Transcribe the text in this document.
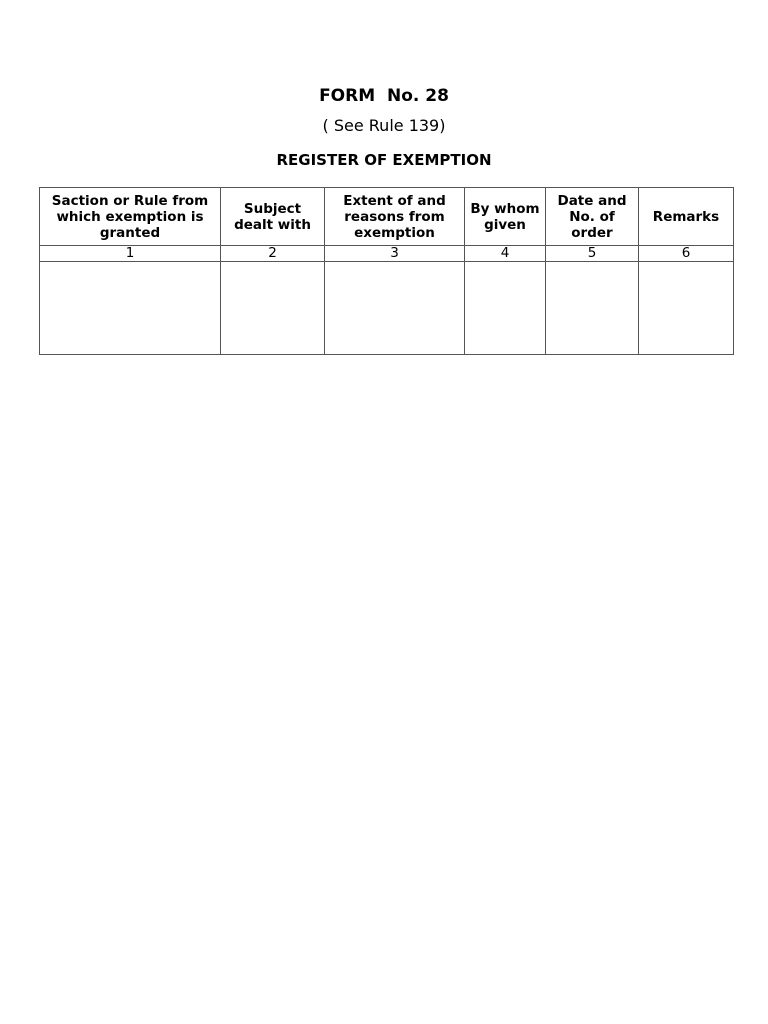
FORM  No. 28
( See Rule 139)
REGISTER OF EXEMPTION
Saction or Rule from which exemption is granted	Subject dealt with	Extent of and reasons from exemption	By whom given	Date and No. of order	Remarks
1	2	3	4	5	6
